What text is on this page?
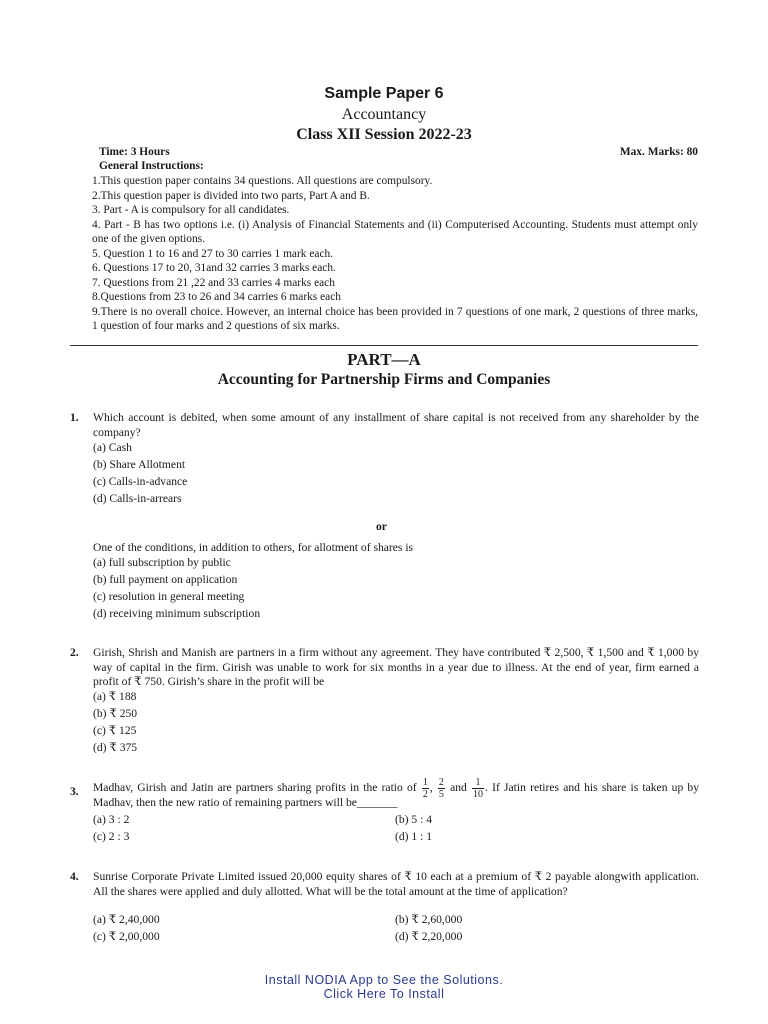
Sample Paper 6
Accountancy
Class XII Session 2022-23
Time: 3 Hours	Max. Marks: 80
General Instructions:
1.This question paper contains 34 questions. All questions are compulsory.
2.This question paper is divided into two parts, Part A and B.
3. Part - A is compulsory for all candidates.
4. Part - B has two options i.e. (i) Analysis of Financial Statements and (ii) Computerised Accounting. Students must attempt only one of the given options.
5. Question 1 to 16 and 27 to 30 carries 1 mark each.
6. Questions 17 to 20, 31and 32 carries 3 marks each.
7. Questions from 21 ,22 and 33 carries 4 marks each
8.Questions from 23 to 26 and 34 carries 6 marks each
9.There is no overall choice. However, an internal choice has been provided in 7 questions of one mark, 2 questions of three marks, 1 question of four marks and 2 questions of six marks.
PART—A
Accounting for Partnership Firms and Companies
1. Which account is debited, when some amount of any installment of share capital is not received from any shareholder by the company?
(a) Cash
(b) Share Allotment
(c) Calls-in-advance
(d) Calls-in-arrears
or
One of the conditions, in addition to others, for allotment of shares is
(a) full subscription by public
(b) full payment on application
(c) resolution in general meeting
(d) receiving minimum subscription
2. Girish, Shrish and Manish are partners in a firm without any agreement. They have contributed ₹ 2,500, ₹ 1,500 and ₹ 1,000 by way of capital in the firm. Girish was unable to work for six months in a year due to illness. At the end of year, firm earned a profit of ₹ 750. Girish’s share in the profit will be
(a) ₹ 188
(b) ₹ 250
(c) ₹ 125
(d) ₹ 375
3. Madhav, Girish and Jatin are partners sharing profits in the ratio of $\frac{1}{2}$ , $\frac{2}{5}$ and $\frac{1}{10}$ . If Jatin retires and his share is taken up by Madhav, then the new ratio of remaining partners will be_______
(a) 3 : 2	(b) 5 : 4
(c) 2 : 3	(d) 1 : 1
4. Sunrise Corporate Private Limited issued 20,000 equity shares of ₹ 10 each at a premium of ₹ 2 payable alongwith application. All the shares were applied and duly allotted. What will be the total amount at the time of application?
(a) ₹ 2,40,000	(b) ₹ 2,60,000
(c) ₹ 2,00,000	(d) ₹ 2,20,000
Install NODIA App to See the Solutions.
Click Here To Install
